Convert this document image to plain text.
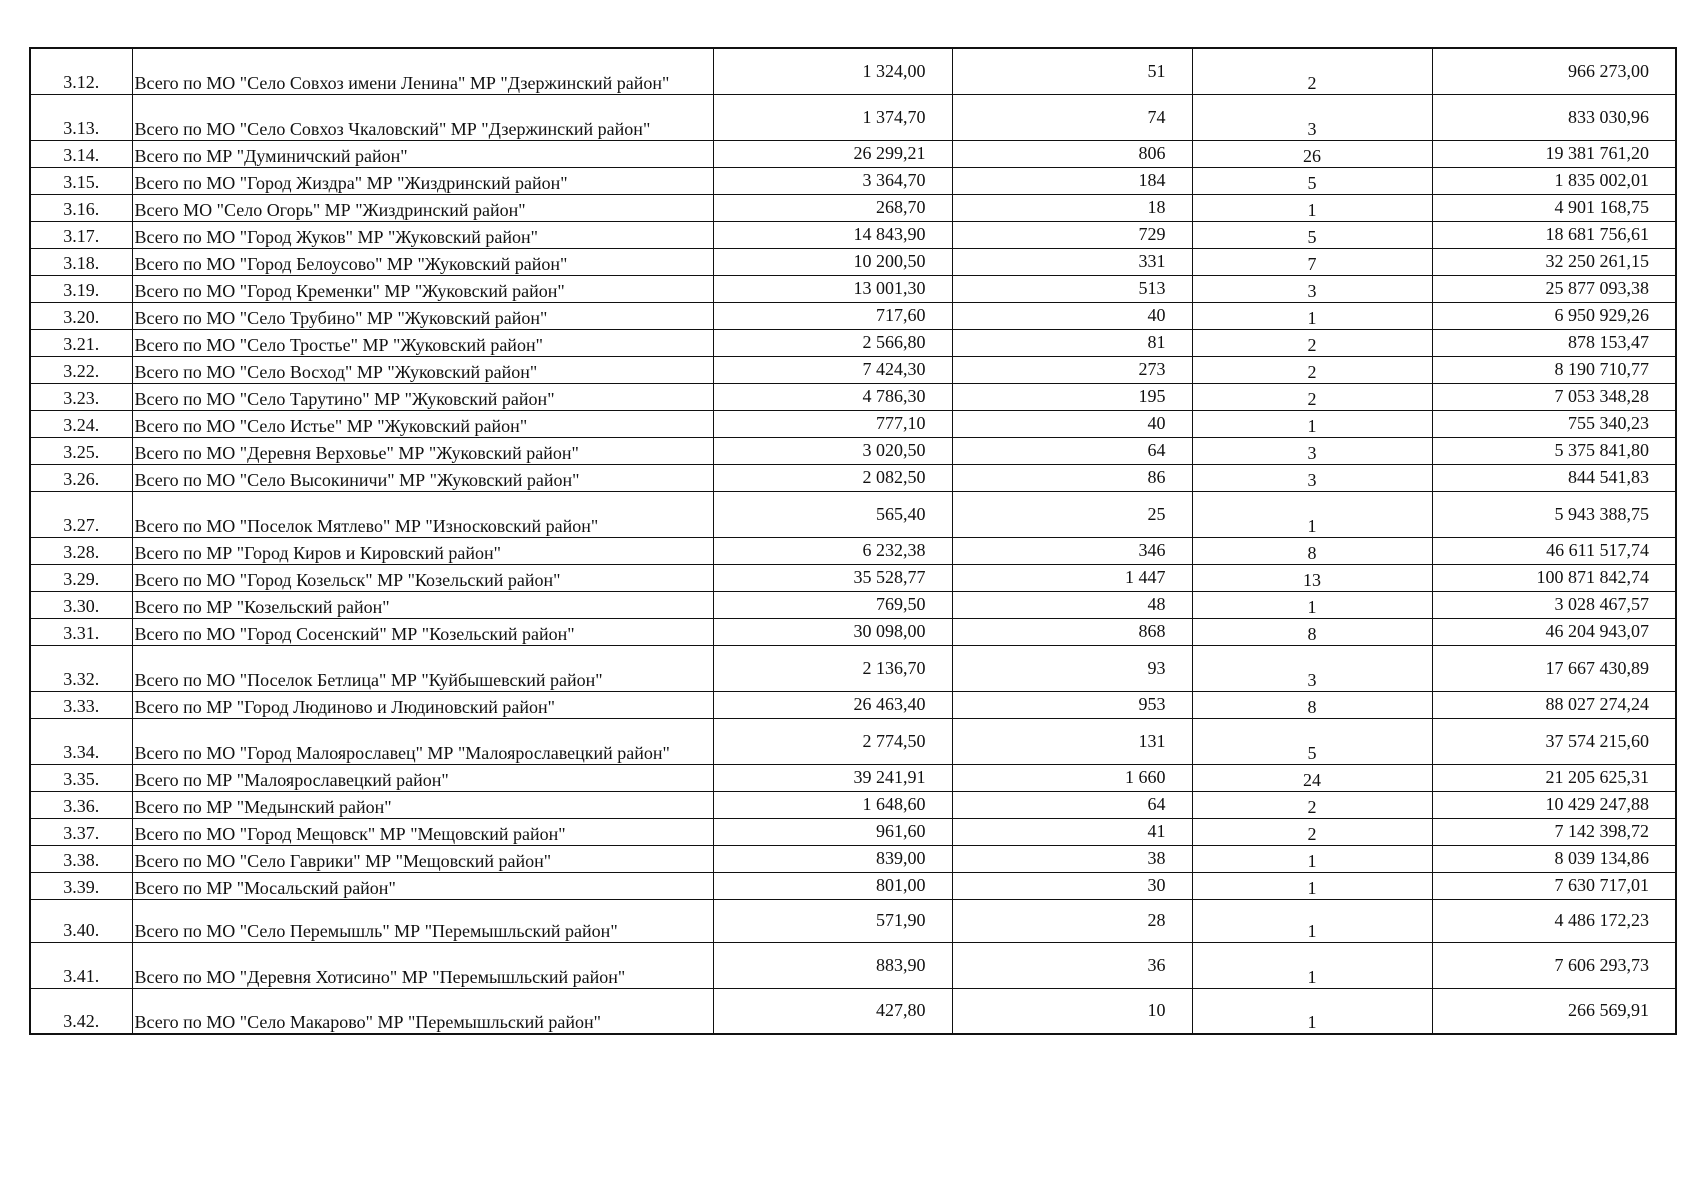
3.12.	Всего по МО "Село Совхоз имени Ленина" МР "Дзержинский район"	1 324,00	51	2	966 273,00
3.13.	Всего по МО "Село Совхоз Чкаловский" МР "Дзержинский район"	1 374,70	74	3	833 030,96
3.14.	Всего по МР "Думиничский район"	26 299,21	806	26	19 381 761,20
3.15.	Всего по МО "Город Жиздра" МР "Жиздринский район"	3 364,70	184	5	1 835 002,01
3.16.	Всего МО "Село Огорь" МР "Жиздринский район"	268,70	18	1	4 901 168,75
3.17.	Всего по МО "Город Жуков" МР "Жуковский район"	14 843,90	729	5	18 681 756,61
3.18.	Всего по МО "Город Белоусово" МР "Жуковский район"	10 200,50	331	7	32 250 261,15
3.19.	Всего по МО "Город Кременки" МР "Жуковский район"	13 001,30	513	3	25 877 093,38
3.20.	Всего по МО "Село Трубино" МР "Жуковский район"	717,60	40	1	6 950 929,26
3.21.	Всего по МО "Село Тростье" МР "Жуковский район"	2 566,80	81	2	878 153,47
3.22.	Всего по МО "Село Восход" МР "Жуковский район"	7 424,30	273	2	8 190 710,77
3.23.	Всего по МО "Село Тарутино" МР "Жуковский район"	4 786,30	195	2	7 053 348,28
3.24.	Всего по МО "Село Истье" МР "Жуковский район"	777,10	40	1	755 340,23
3.25.	Всего по МО "Деревня Верховье" МР "Жуковский район"	3 020,50	64	3	5 375 841,80
3.26.	Всего по МО "Село Высокиничи" МР "Жуковский район"	2 082,50	86	3	844 541,83
3.27.	Всего по МО "Поселок Мятлево" МР "Износковский район"	565,40	25	1	5 943 388,75
3.28.	Всего по МР "Город Киров и Кировский район"	6 232,38	346	8	46 611 517,74
3.29.	Всего по МО "Город Козельск" МР "Козельский район"	35 528,77	1 447	13	100 871 842,74
3.30.	Всего по МР "Козельский район"	769,50	48	1	3 028 467,57
3.31.	Всего по МО "Город Сосенский" МР "Козельский район"	30 098,00	868	8	46 204 943,07
3.32.	Всего по МО "Поселок Бетлица" МР "Куйбышевский район"	2 136,70	93	3	17 667 430,89
3.33.	Всего по МР "Город Людиново и Людиновский район"	26 463,40	953	8	88 027 274,24
3.34.	Всего по МО "Город Малоярославец" МР "Малоярославецкий район"	2 774,50	131	5	37 574 215,60
3.35.	Всего по МР "Малоярославецкий район"	39 241,91	1 660	24	21 205 625,31
3.36.	Всего по МР "Медынский район"	1 648,60	64	2	10 429 247,88
3.37.	Всего по МО "Город Мещовск" МР "Мещовский район"	961,60	41	2	7 142 398,72
3.38.	Всего по МО "Село Гаврики" МР "Мещовский район"	839,00	38	1	8 039 134,86
3.39.	Всего по МР "Мосальский район"	801,00	30	1	7 630 717,01
3.40.	Всего по МО "Село Перемышль" МР "Перемышльский район"	571,90	28	1	4 486 172,23
3.41.	Всего по МО "Деревня Хотисино" МР "Перемышльский район"	883,90	36	1	7 606 293,73
3.42.	Всего по МО "Село Макарово" МР "Перемышльский район"	427,80	10	1	266 569,91
